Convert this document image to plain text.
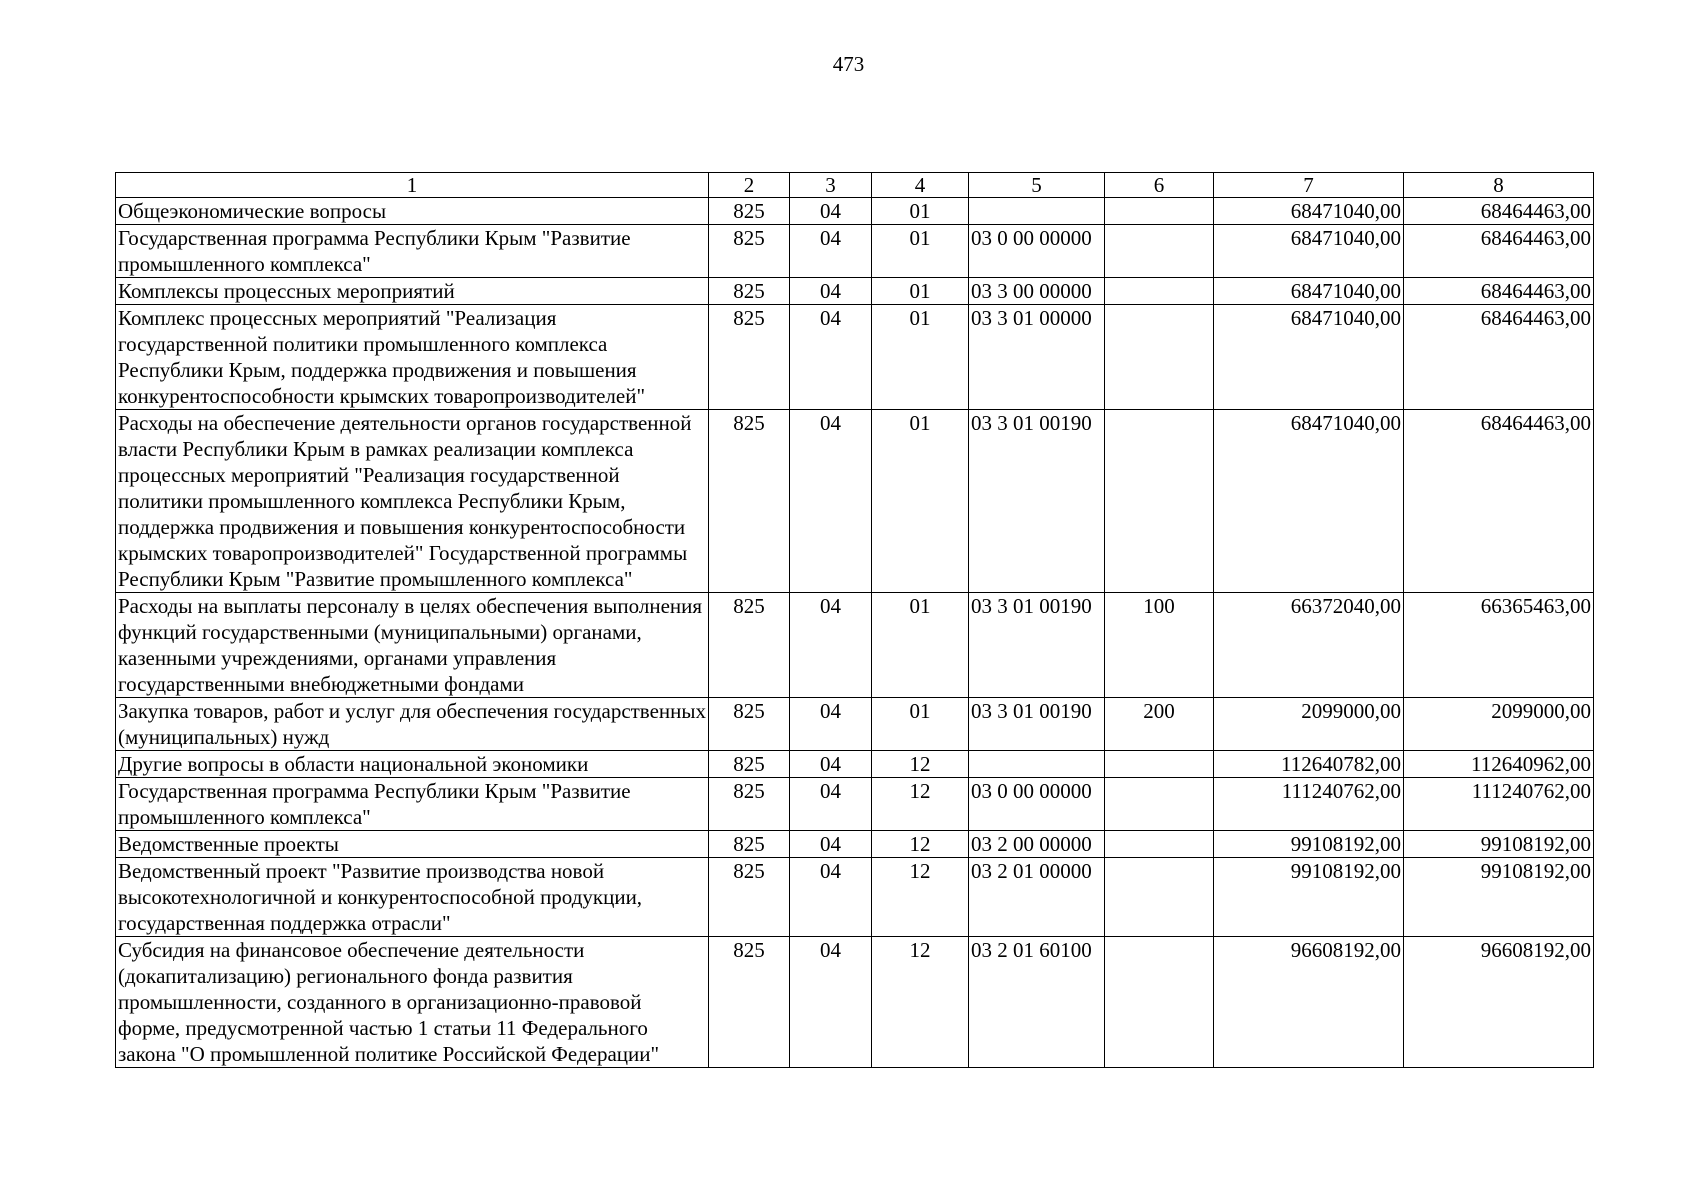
473
1	2	3	4	5	6	7	8
Общеэкономические вопросы	825	04	01			68471040,00	68464463,00
Государственная программа Республики Крым "Развитие промышленного комплекса"	825	04	01	03 0 00 00000		68471040,00	68464463,00
Комплексы процессных мероприятий	825	04	01	03 3 00 00000		68471040,00	68464463,00
Комплекс процессных мероприятий "Реализация государственной политики промышленного комплекса Республики Крым, поддержка продвижения и повышения конкурентоспособности крымских товаропроизводителей"	825	04	01	03 3 01 00000		68471040,00	68464463,00
Расходы на обеспечение деятельности органов государственной власти Республики Крым в рамках реализации комплекса процессных мероприятий "Реализация государственной политики промышленного комплекса Республики Крым, поддержка продвижения и повышения конкурентоспособности крымских товаропроизводителей" Государственной программы Республики Крым "Развитие промышленного комплекса"	825	04	01	03 3 01 00190		68471040,00	68464463,00
Расходы на выплаты персоналу в целях обеспечения выполнения функций государственными (муниципальными) органами, казенными учреждениями, органами управления государственными внебюджетными фондами	825	04	01	03 3 01 00190	100	66372040,00	66365463,00
Закупка товаров, работ и услуг для обеспечения государственных (муниципальных) нужд	825	04	01	03 3 01 00190	200	2099000,00	2099000,00
Другие вопросы в области национальной экономики	825	04	12			112640782,00	112640962,00
Государственная программа Республики Крым "Развитие промышленного комплекса"	825	04	12	03 0 00 00000		111240762,00	111240762,00
Ведомственные проекты	825	04	12	03 2 00 00000		99108192,00	99108192,00
Ведомственный проект "Развитие производства новой высокотехнологичной и конкурентоспособной продукции, государственная поддержка отрасли"	825	04	12	03 2 01 00000		99108192,00	99108192,00
Субсидия на финансовое обеспечение деятельности (докапитализацию) регионального фонда развития промышленности, созданного в организационно-правовой форме, предусмотренной частью 1 статьи 11 Федерального закона "О промышленной политике Российской Федерации"	825	04	12	03 2 01 60100		96608192,00	96608192,00
